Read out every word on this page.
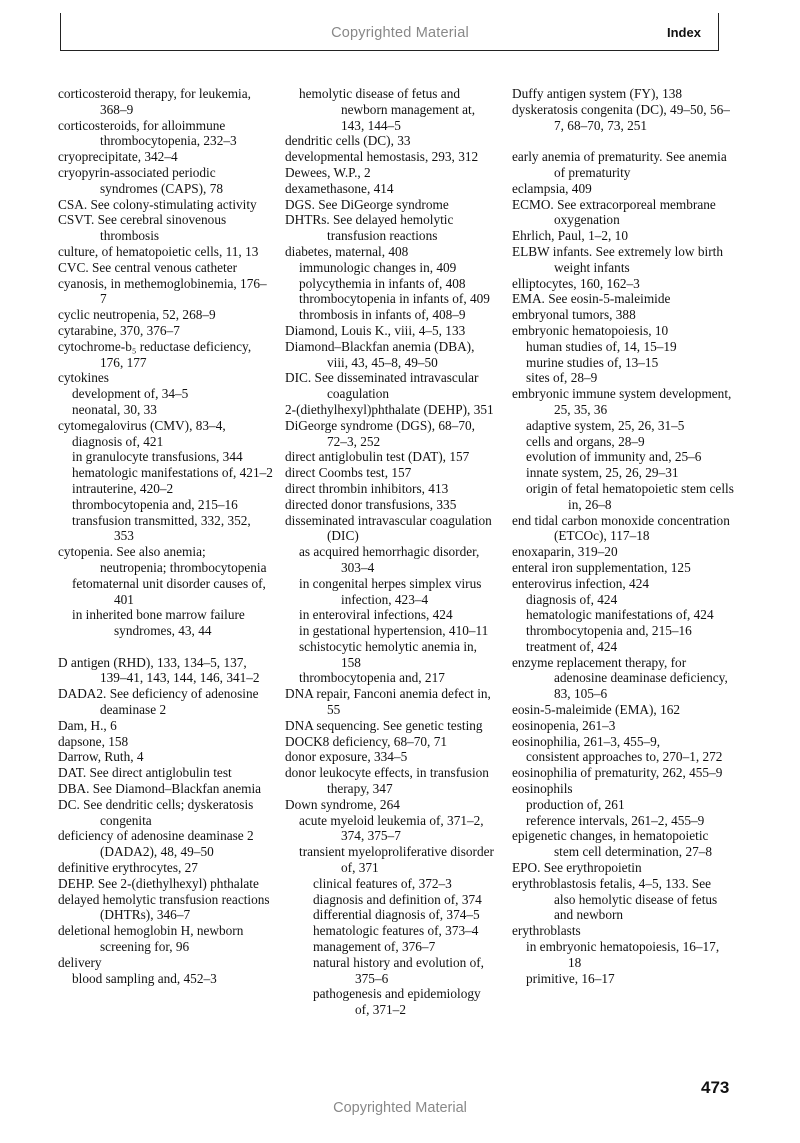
Copyrighted Material	Index

corticosteroid therapy, for leukemia, 368–9

corticosteroids, for alloimmune thrombocytopenia, 232–3

cryoprecipitate, 342–4

cryopyrin-associated periodic syndromes (CAPS), 78

CSA. See colony-stimulating activity

CSVT. See cerebral sinovenous thrombosis

culture, of hematopoietic cells, 11, 13

CVC. See central venous catheter

cyanosis, in methemoglobinemia, 176–7

cyclic neutropenia, 52, 268–9

cytarabine, 370, 376–7

cytochrome-b₅ reductase deficiency, 176, 177

cytokines

development of, 34–5

neonatal, 30, 33

cytomegalovirus (CMV), 83–4,

diagnosis of, 421

in granulocyte transfusions, 344

hematologic manifestations of, 421–2

intrauterine, 420–2

thrombocytopenia and, 215–16

transfusion transmitted, 332, 352, 353

cytopenia. See also anemia; neutropenia; thrombocytopenia

fetomaternal unit disorder causes of, 401

in inherited bone marrow failure syndromes, 43, 44

D antigen (RHD), 133, 134–5, 137, 139–41, 143, 144, 146, 341–2

DADA2. See deficiency of adenosine deaminase 2

Dam, H., 6

dapsone, 158

Darrow, Ruth, 4

DAT. See direct antiglobulin test

DBA. See Diamond–Blackfan anemia

DC. See dendritic cells; dyskeratosis congenita

deficiency of adenosine deaminase 2 (DADA2), 48, 49–50

definitive erythrocytes, 27

DEHP. See 2-(diethylhexyl) phthalate

delayed hemolytic transfusion reactions (DHTRs), 346–7

deletional hemoglobin H, newborn screening for, 96

delivery

blood sampling and, 452–3

hemolytic disease of fetus and newborn management at, 143, 144–5

dendritic cells (DC), 33

developmental hemostasis, 293, 312

Dewees, W.P., 2

dexamethasone, 414

DGS. See DiGeorge syndrome

DHTRs. See delayed hemolytic transfusion reactions

diabetes, maternal, 408

immunologic changes in, 409

polycythemia in infants of, 408

thrombocytopenia in infants of, 409

thrombosis in infants of, 408–9

Diamond, Louis K., viii, 4–5, 133

Diamond–Blackfan anemia (DBA), viii, 43, 45–8, 49–50

DIC. See disseminated intravascular coagulation

2-(diethylhexyl)phthalate (DEHP), 351

DiGeorge syndrome (DGS), 68–70, 72–3, 252

direct antiglobulin test (DAT), 157

direct Coombs test, 157

direct thrombin inhibitors, 413

directed donor transfusions, 335

disseminated intravascular coagulation (DIC)

as acquired hemorrhagic disorder, 303–4

in congenital herpes simplex virus infection, 423–4

in enteroviral infections, 424

in gestational hypertension, 410–11

schistocytic hemolytic anemia in, 158

thrombocytopenia and, 217

DNA repair, Fanconi anemia defect in, 55

DNA sequencing. See genetic testing

DOCK8 deficiency, 68–70, 71

donor exposure, 334–5

donor leukocyte effects, in transfusion therapy, 347

Down syndrome, 264

acute myeloid leukemia of, 371–2, 374, 375–7

transient myeloproliferative disorder of, 371

clinical features of, 372–3

diagnosis and definition of, 374

differential diagnosis of, 374–5

hematologic features of, 373–4

management of, 376–7

natural history and evolution of, 375–6

pathogenesis and epidemiology of, 371–2

Duffy antigen system (FY), 138

dyskeratosis congenita (DC), 49–50, 56–7, 68–70, 73, 251

early anemia of prematurity. See anemia of prematurity

eclampsia, 409

ECMO. See extracorporeal membrane oxygenation

Ehrlich, Paul, 1–2, 10

ELBW infants. See extremely low birth weight infants

elliptocytes, 160, 162–3

EMA. See eosin-5-maleimide

embryonal tumors, 388

embryonic hematopoiesis, 10

human studies of, 14, 15–19

murine studies of, 13–15

sites of, 28–9

embryonic immune system development, 25, 35, 36

adaptive system, 25, 26, 31–5

cells and organs, 28–9

evolution of immunity and, 25–6

innate system, 25, 26, 29–31

origin of fetal hematopoietic stem cells in, 26–8

end tidal carbon monoxide concentration (ETCOc), 117–18

enoxaparin, 319–20

enteral iron supplementation, 125

enterovirus infection, 424

diagnosis of, 424

hematologic manifestations of, 424

thrombocytopenia and, 215–16

treatment of, 424

enzyme replacement therapy, for adenosine deaminase deficiency, 83, 105–6

eosin-5-maleimide (EMA), 162

eosinopenia, 261–3

eosinophilia, 261–3, 455–9,

consistent approaches to, 270–1, 272

eosinophilia of prematurity, 262, 455–9

eosinophils

production of, 261

reference intervals, 261–2, 455–9

epigenetic changes, in hematopoietic stem cell determination, 27–8

EPO. See erythropoietin

erythroblastosis fetalis, 4–5, 133. See also hemolytic disease of fetus and newborn

erythroblasts

in embryonic hematopoiesis, 16–17, 18

primitive, 16–17

473
Copyrighted Material
